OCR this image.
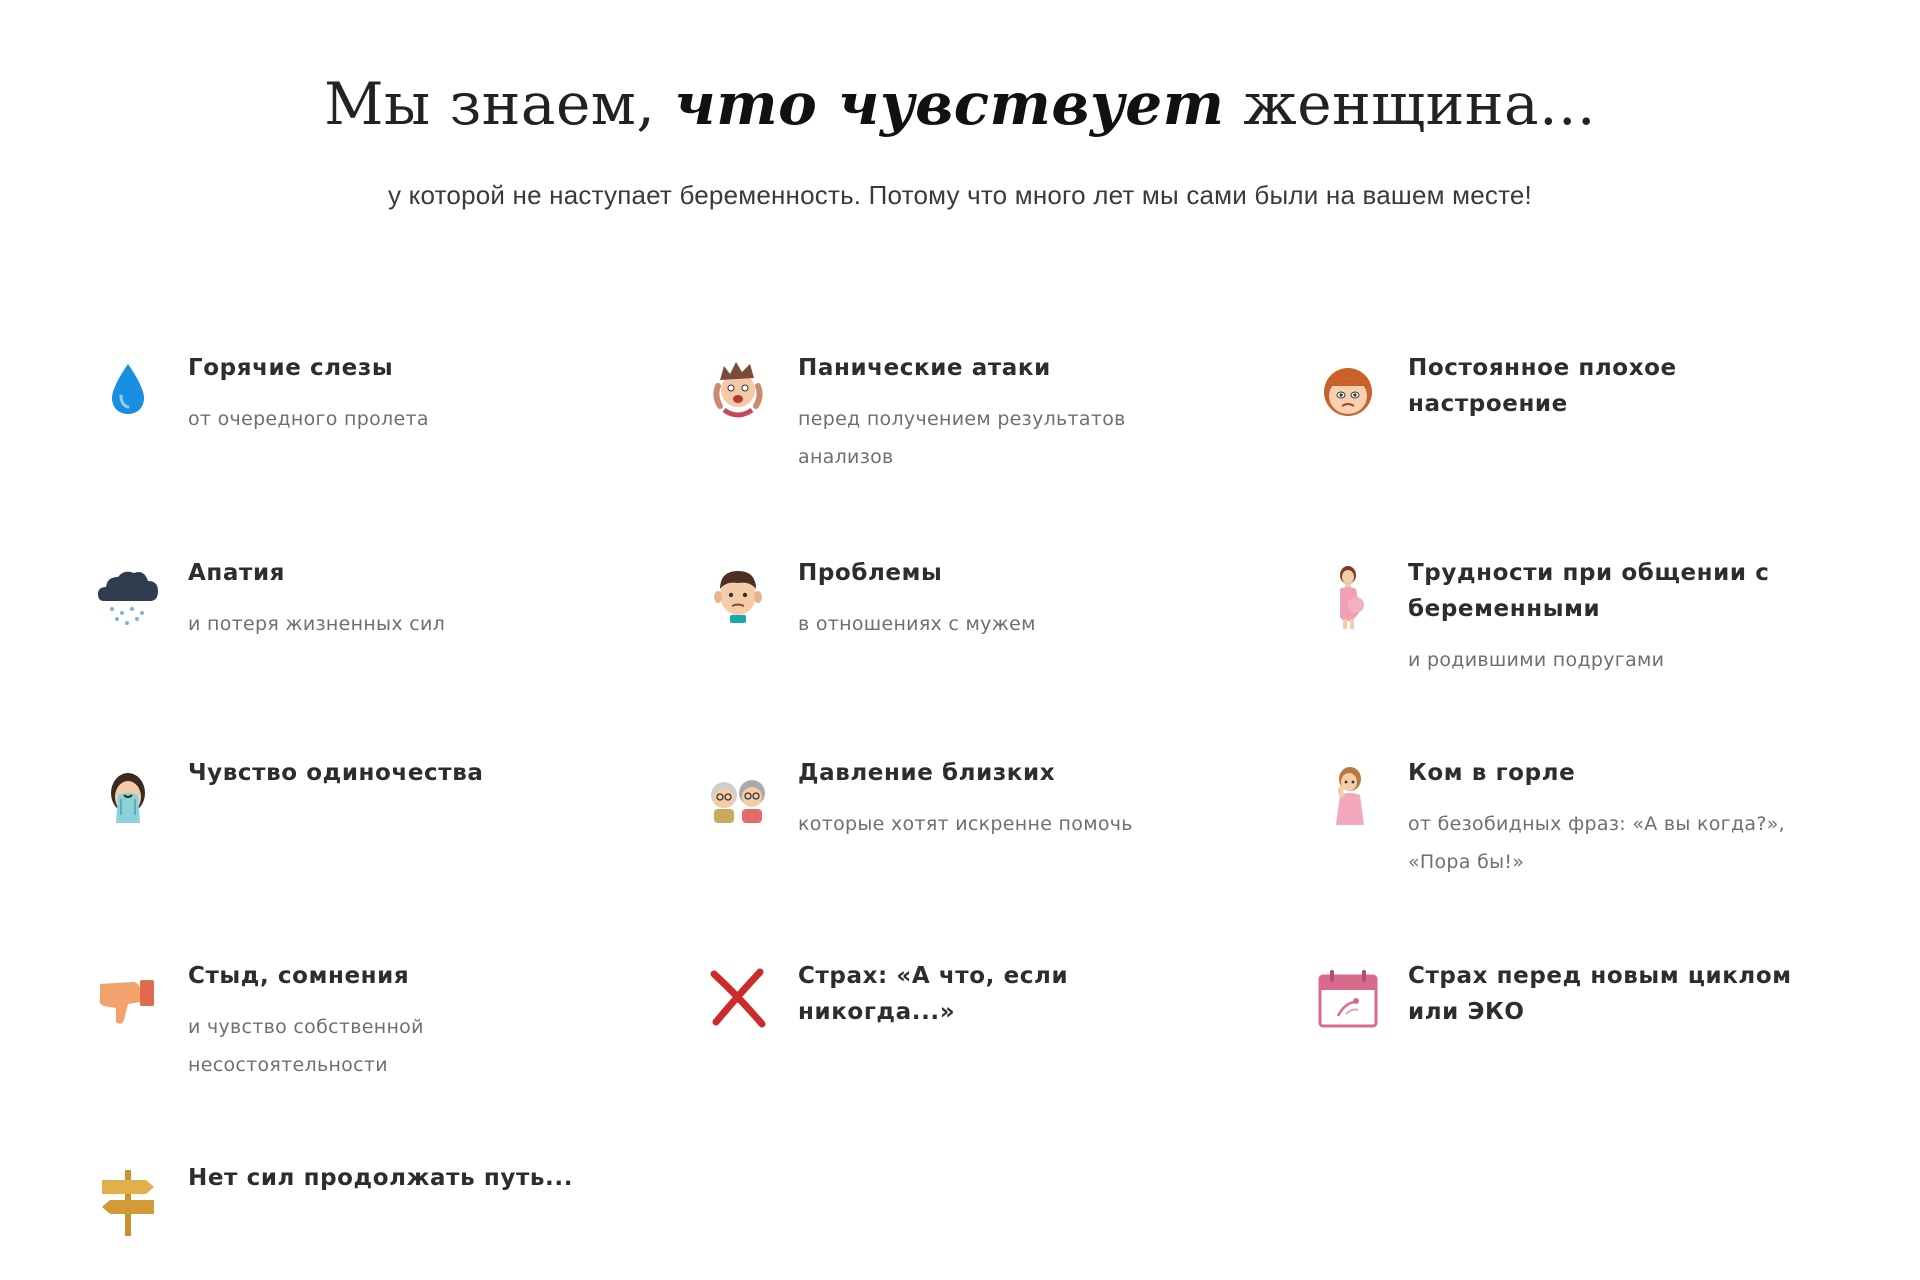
Мы знаем, что чувствует женщина...
у которой не наступает беременность. Потому что много лет мы сами были на вашем месте!
Горячие слезы
от очередного пролета
Панические атаки
перед получением результатов анализов
Постоянное плохое настроение
Апатия
и потеря жизненных сил
Проблемы
в отношениях с мужем
Трудности при общении с беременными
и родившими подругами
Чувство одиночества	Давление близких
которые хотят искренне помочь
Ком в горле
от безобидных фраз: «А вы когда?», «Пора бы!»
Стыд, сомнения
и чувство собственной несостоятельности
Страх: «А что, если никогда...»
Страх перед новым циклом или ЭКО
Нет сил продолжать путь...
